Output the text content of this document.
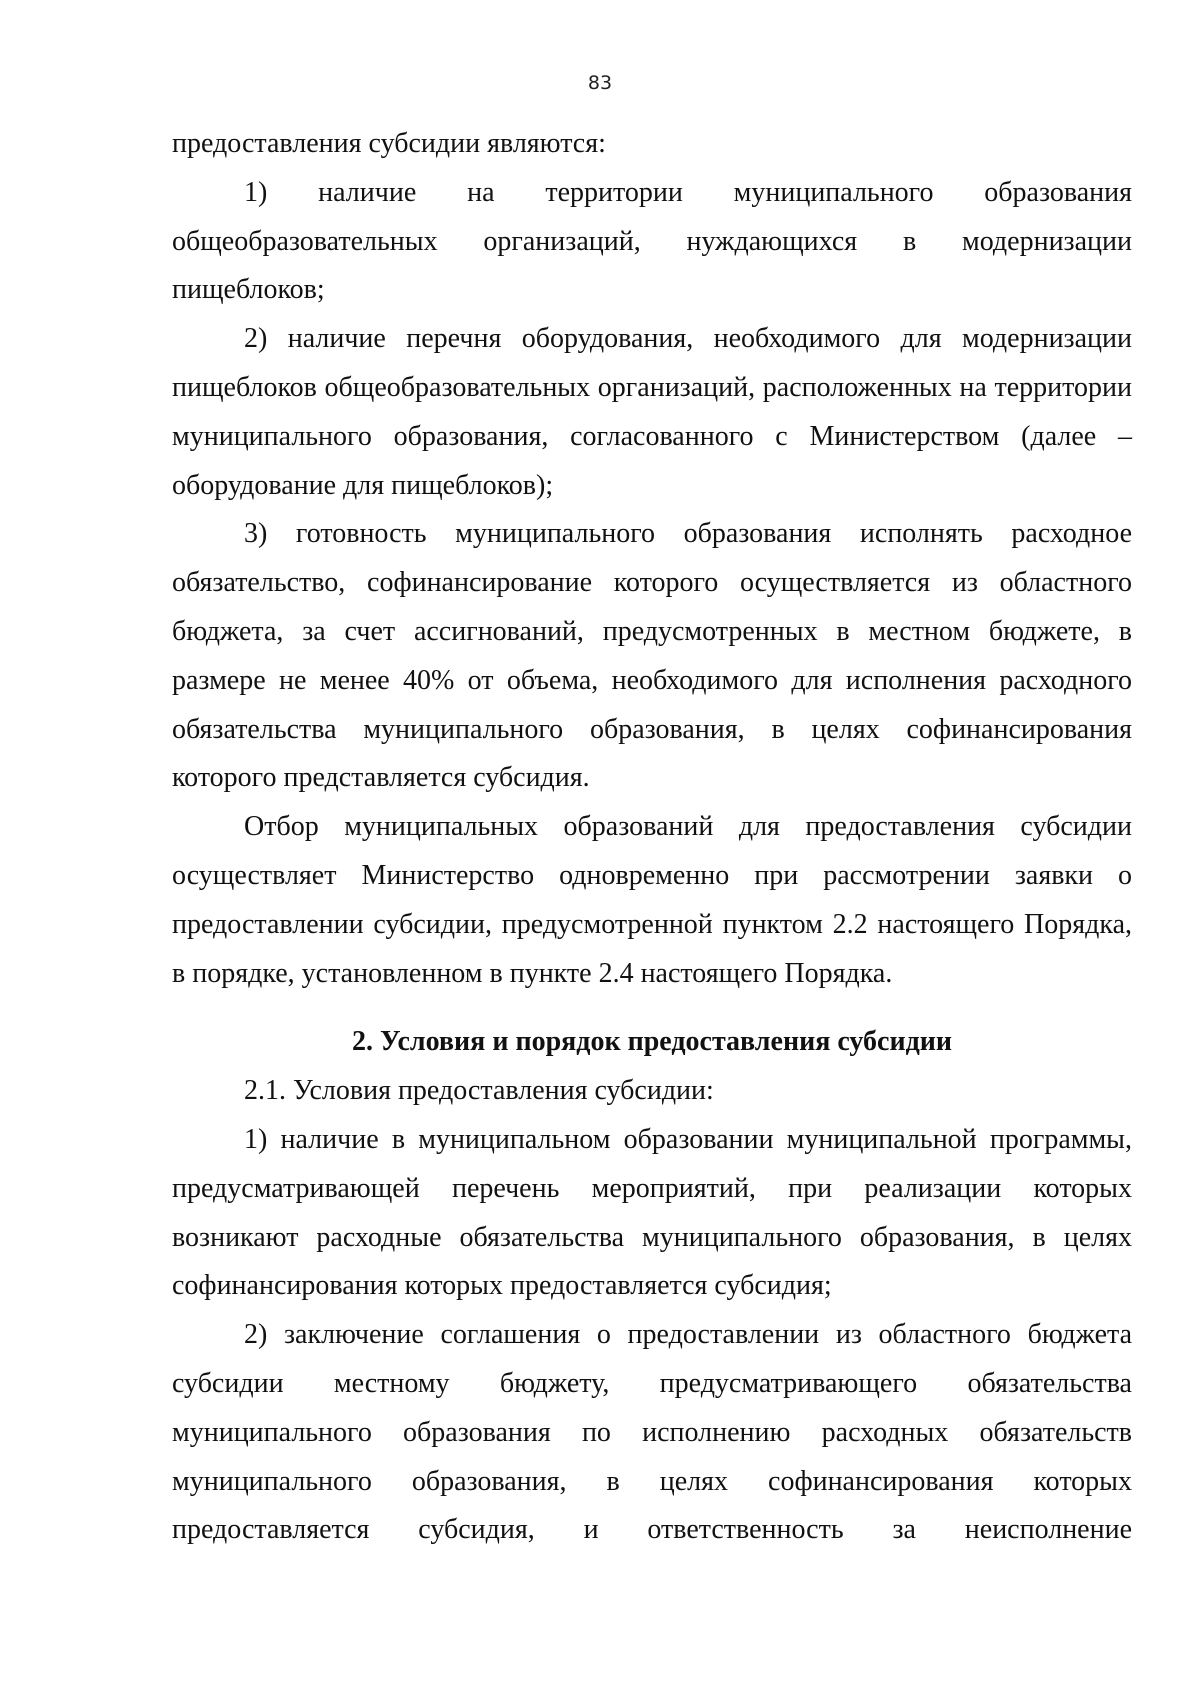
83

предоставления субсидии являются:

1) наличие на территории муниципального образования общеобразовательных организаций, нуждающихся в модернизации пищеблоков;

2) наличие перечня оборудования, необходимого для модернизации пищеблоков общеобразовательных организаций, расположенных на территории муниципального образования, согласованного с Министерством (далее – оборудование для пищеблоков);

3) готовность муниципального образования исполнять расходное обязательство, софинансирование которого осуществляется из областного бюджета, за счет ассигнований, предусмотренных в местном бюджете, в размере не менее 40% от объема, необходимого для исполнения расходного обязательства муниципального образования, в целях софинансирования которого представляется субсидия.

Отбор муниципальных образований для предоставления субсидии осуществляет Министерство одновременно при рассмотрении заявки о предоставлении субсидии, предусмотренной пунктом 2.2 настоящего Порядка, в порядке, установленном в пункте 2.4 настоящего Порядка.

2. Условия и порядок предоставления субсидии

2.1. Условия предоставления субсидии:

1) наличие в муниципальном образовании муниципальной программы, предусматривающей перечень мероприятий, при реализации которых возникают расходные обязательства муниципального образования, в целях софинансирования которых предоставляется субсидия;

2) заключение соглашения о предоставлении из областного бюджета субсидии местному бюджету, предусматривающего обязательства муниципального образования по исполнению расходных обязательств муниципального образования, в целях софинансирования которых предоставляется субсидия, и ответственность за неисполнение
